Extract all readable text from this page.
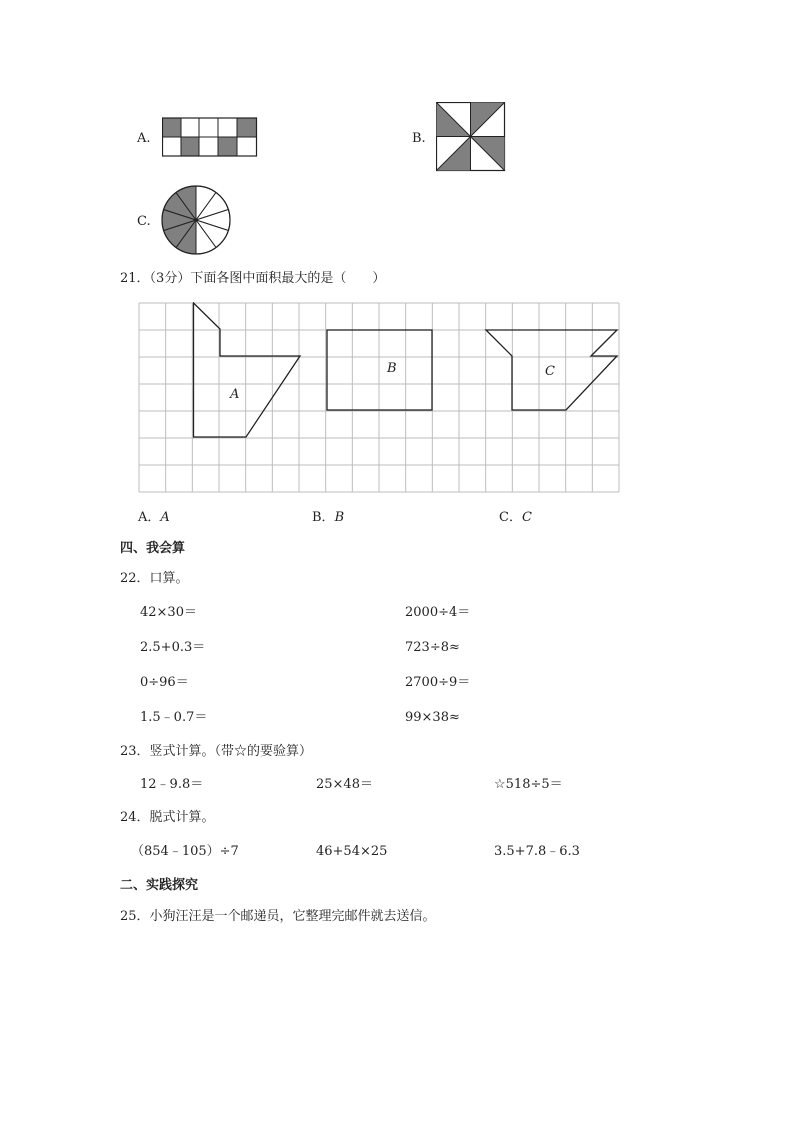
A.	B.
C.
21．（3分）下面各图中面积最大的是（　　）
A
B	C
A．A	B．B	C．C
四、我会算
22．口算。
42×30＝	2000÷4＝
2.5+0.3＝	723÷8≈
0÷96＝	2700÷9＝
1.5﹣0.7＝	99×38≈
23．竖式计算。（带☆的要验算）
12﹣9.8＝	25×48＝	☆518÷5＝
24．脱式计算。
（854﹣105）÷7	46+54×25	3.5+7.8﹣6.3
二、实践探究
25．小狗汪汪是一个邮递员，它整理完邮件就去送信。
